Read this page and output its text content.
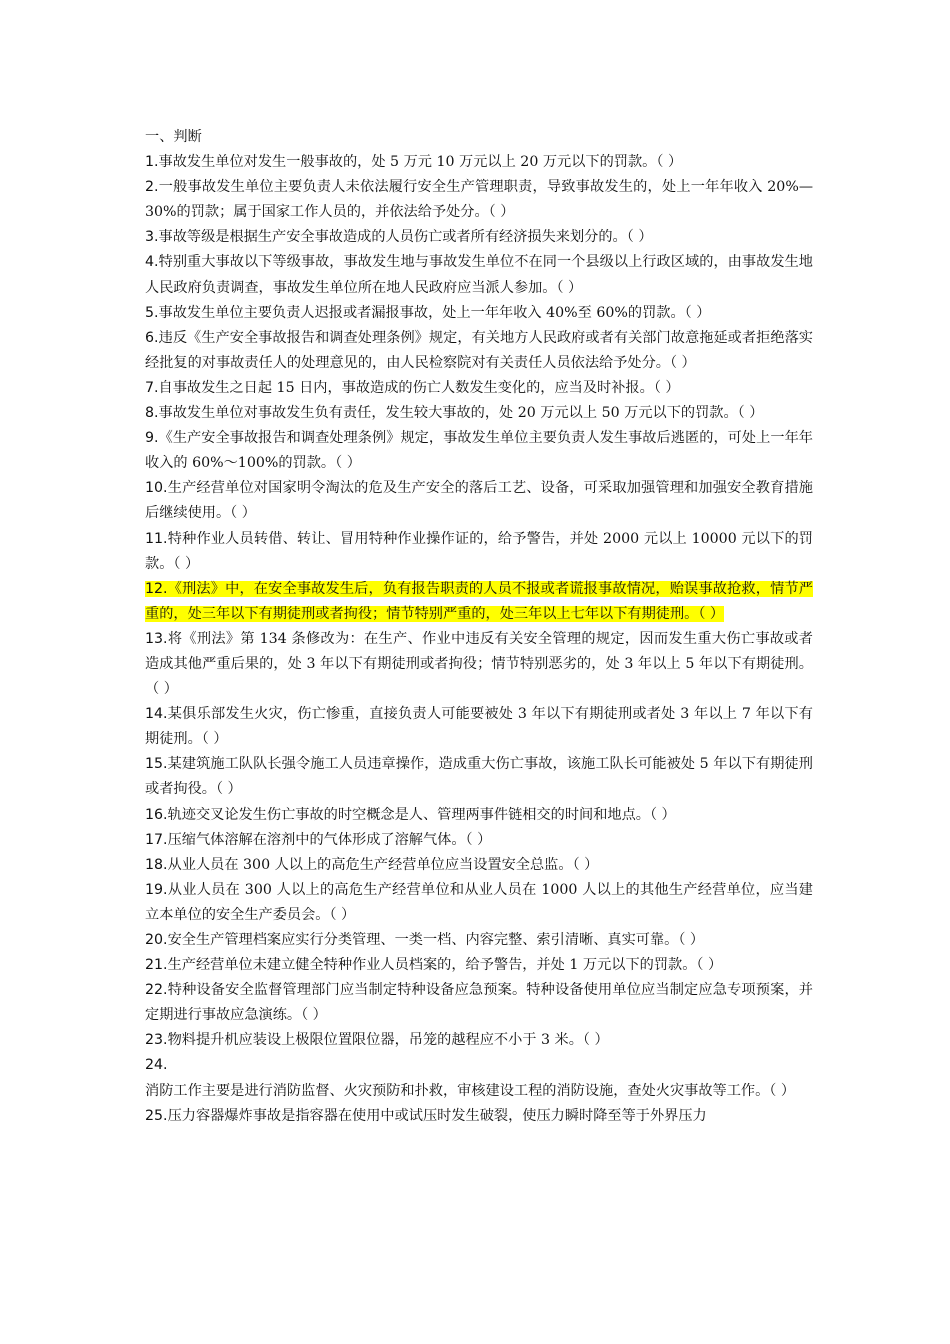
一、判断

1.事故发生单位对发生一般事故的，处 5 万元 10 万元以上 20 万元以下的罚款。（ ）

2.一般事故发生单位主要负责人未依法履行安全生产管理职责，导致事故发生的，处上一年年收入 20%—30%的罚款；属于国家工作人员的，并依法给予处分。（ ）

3.事故等级是根据生产安全事故造成的人员伤亡或者所有经济损失来划分的。（ ）

4.特别重大事故以下等级事故，事故发生地与事故发生单位不在同一个县级以上行政区域的，由事故发生地人民政府负责调查，事故发生单位所在地人民政府应当派人参加。（ ）

5.事故发生单位主要负责人迟报或者漏报事故，处上一年年收入 40%至 60%的罚款。（ ）

6.违反《生产安全事故报告和调查处理条例》规定，有关地方人民政府或者有关部门故意拖延或者拒绝落实经批复的对事故责任人的处理意见的，由人民检察院对有关责任人员依法给予处分。（ ）

7.自事故发生之日起 15 日内，事故造成的伤亡人数发生变化的，应当及时补报。（ ）

8.事故发生单位对事故发生负有责任，发生较大事故的，处 20 万元以上 50 万元以下的罚款。（ ）

9.《生产安全事故报告和调查处理条例》规定，事故发生单位主要负责人发生事故后逃匿的，可处上一年年收入的 60%～100%的罚款。（ ）

10.生产经营单位对国家明令淘汰的危及生产安全的落后工艺、设备，可采取加强管理和加强安全教育措施后继续使用。（ ）

11.特种作业人员转借、转让、冒用特种作业操作证的，给予警告，并处 2000 元以上 10000 元以下的罚款。（ ）

12.《刑法》中，在安全事故发生后，负有报告职责的人员不报或者谎报事故情况，贻误事故抢救，情节严重的，处三年以下有期徒刑或者拘役；情节特别严重的，处三年以上七年以下有期徒刑。（ ）

13.将《刑法》第 134 条修改为：在生产、作业中违反有关安全管理的规定，因而发生重大伤亡事故或者造成其他严重后果的，处 3 年以下有期徒刑或者拘役；情节特别恶劣的，处 3 年以上 5 年以下有期徒刑。（ ）

14.某俱乐部发生火灾，伤亡惨重，直接负责人可能要被处 3 年以下有期徒刑或者处 3 年以上 7 年以下有期徒刑。（ ）

15.某建筑施工队队长强令施工人员违章操作，造成重大伤亡事故，该施工队长可能被处 5 年以下有期徒刑或者拘役。（ ）

16.轨迹交叉论发生伤亡事故的时空概念是人、管理两事件链相交的时间和地点。（ ）

17.压缩气体溶解在溶剂中的气体形成了溶解气体。（ ）

18.从业人员在 300 人以上的高危生产经营单位应当设置安全总监。（ ）

19.从业人员在 300 人以上的高危生产经营单位和从业人员在 1000 人以上的其他生产经营单位，应当建立本单位的安全生产委员会。（ ）

20.安全生产管理档案应实行分类管理、一类一档、内容完整、索引清晰、真实可靠。（ ）

21.生产经营单位未建立健全特种作业人员档案的，给予警告，并处 1 万元以下的罚款。（ ）

22.特种设备安全监督管理部门应当制定特种设备应急预案。特种设备使用单位应当制定应急专项预案，并定期进行事故应急演练。（ ）

23.物料提升机应装设上极限位置限位器，吊笼的越程应不小于 3 米。（ ）

24.消防工作主要是进行消防监督、火灾预防和扑救，审核建设工程的消防设施，查处火灾事故等工作。（ ）

25.压力容器爆炸事故是指容器在使用中或试压时发生破裂，使压力瞬时降至等于外界压力
